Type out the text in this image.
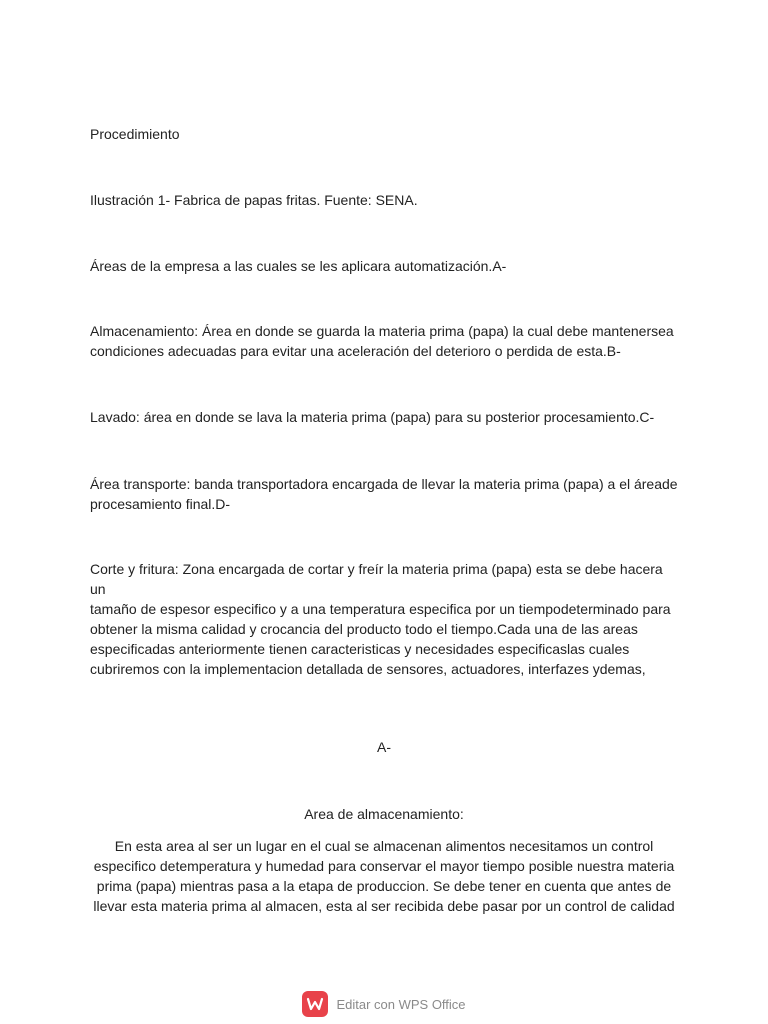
Procedimiento

Ilustración 1- Fabrica de papas fritas. Fuente: SENA.

Áreas de la empresa a las cuales se les aplicara automatización.A-

Almacenamiento: Área en donde se guarda la materia prima (papa) la cual debe mantenersea
condiciones adecuadas para evitar una aceleración del deterioro o perdida de esta.B-

Lavado: área en donde se lava la materia prima (papa) para su posterior procesamiento.C-

Área transporte: banda transportadora encargada de llevar la materia prima (papa) a el áreade
procesamiento final.D-

Corte y fritura: Zona encargada de cortar y freír la materia prima (papa) esta se debe hacera un
tamaño de espesor especifico y a una temperatura especifica por un tiempodeterminado para
obtener la misma calidad y crocancia del producto todo el tiempo.Cada una de las areas
especificadas anteriormente tienen caracteristicas y necesidades especificaslas cuales
cubriremos con la implementacion detallada de sensores, actuadores, interfazes ydemas,

A-

Area de almacenamiento:

En esta area al ser un lugar en el cual se almacenan alimentos necesitamos un control
especifico detemperatura y humedad para conservar el mayor tiempo posible nuestra materia
prima (papa) mientras pasa a la etapa de produccion. Se debe tener en cuenta que antes de
llevar esta materia prima al almacen, esta al ser recibida debe pasar por un control de calidad

Editar con WPS Office
